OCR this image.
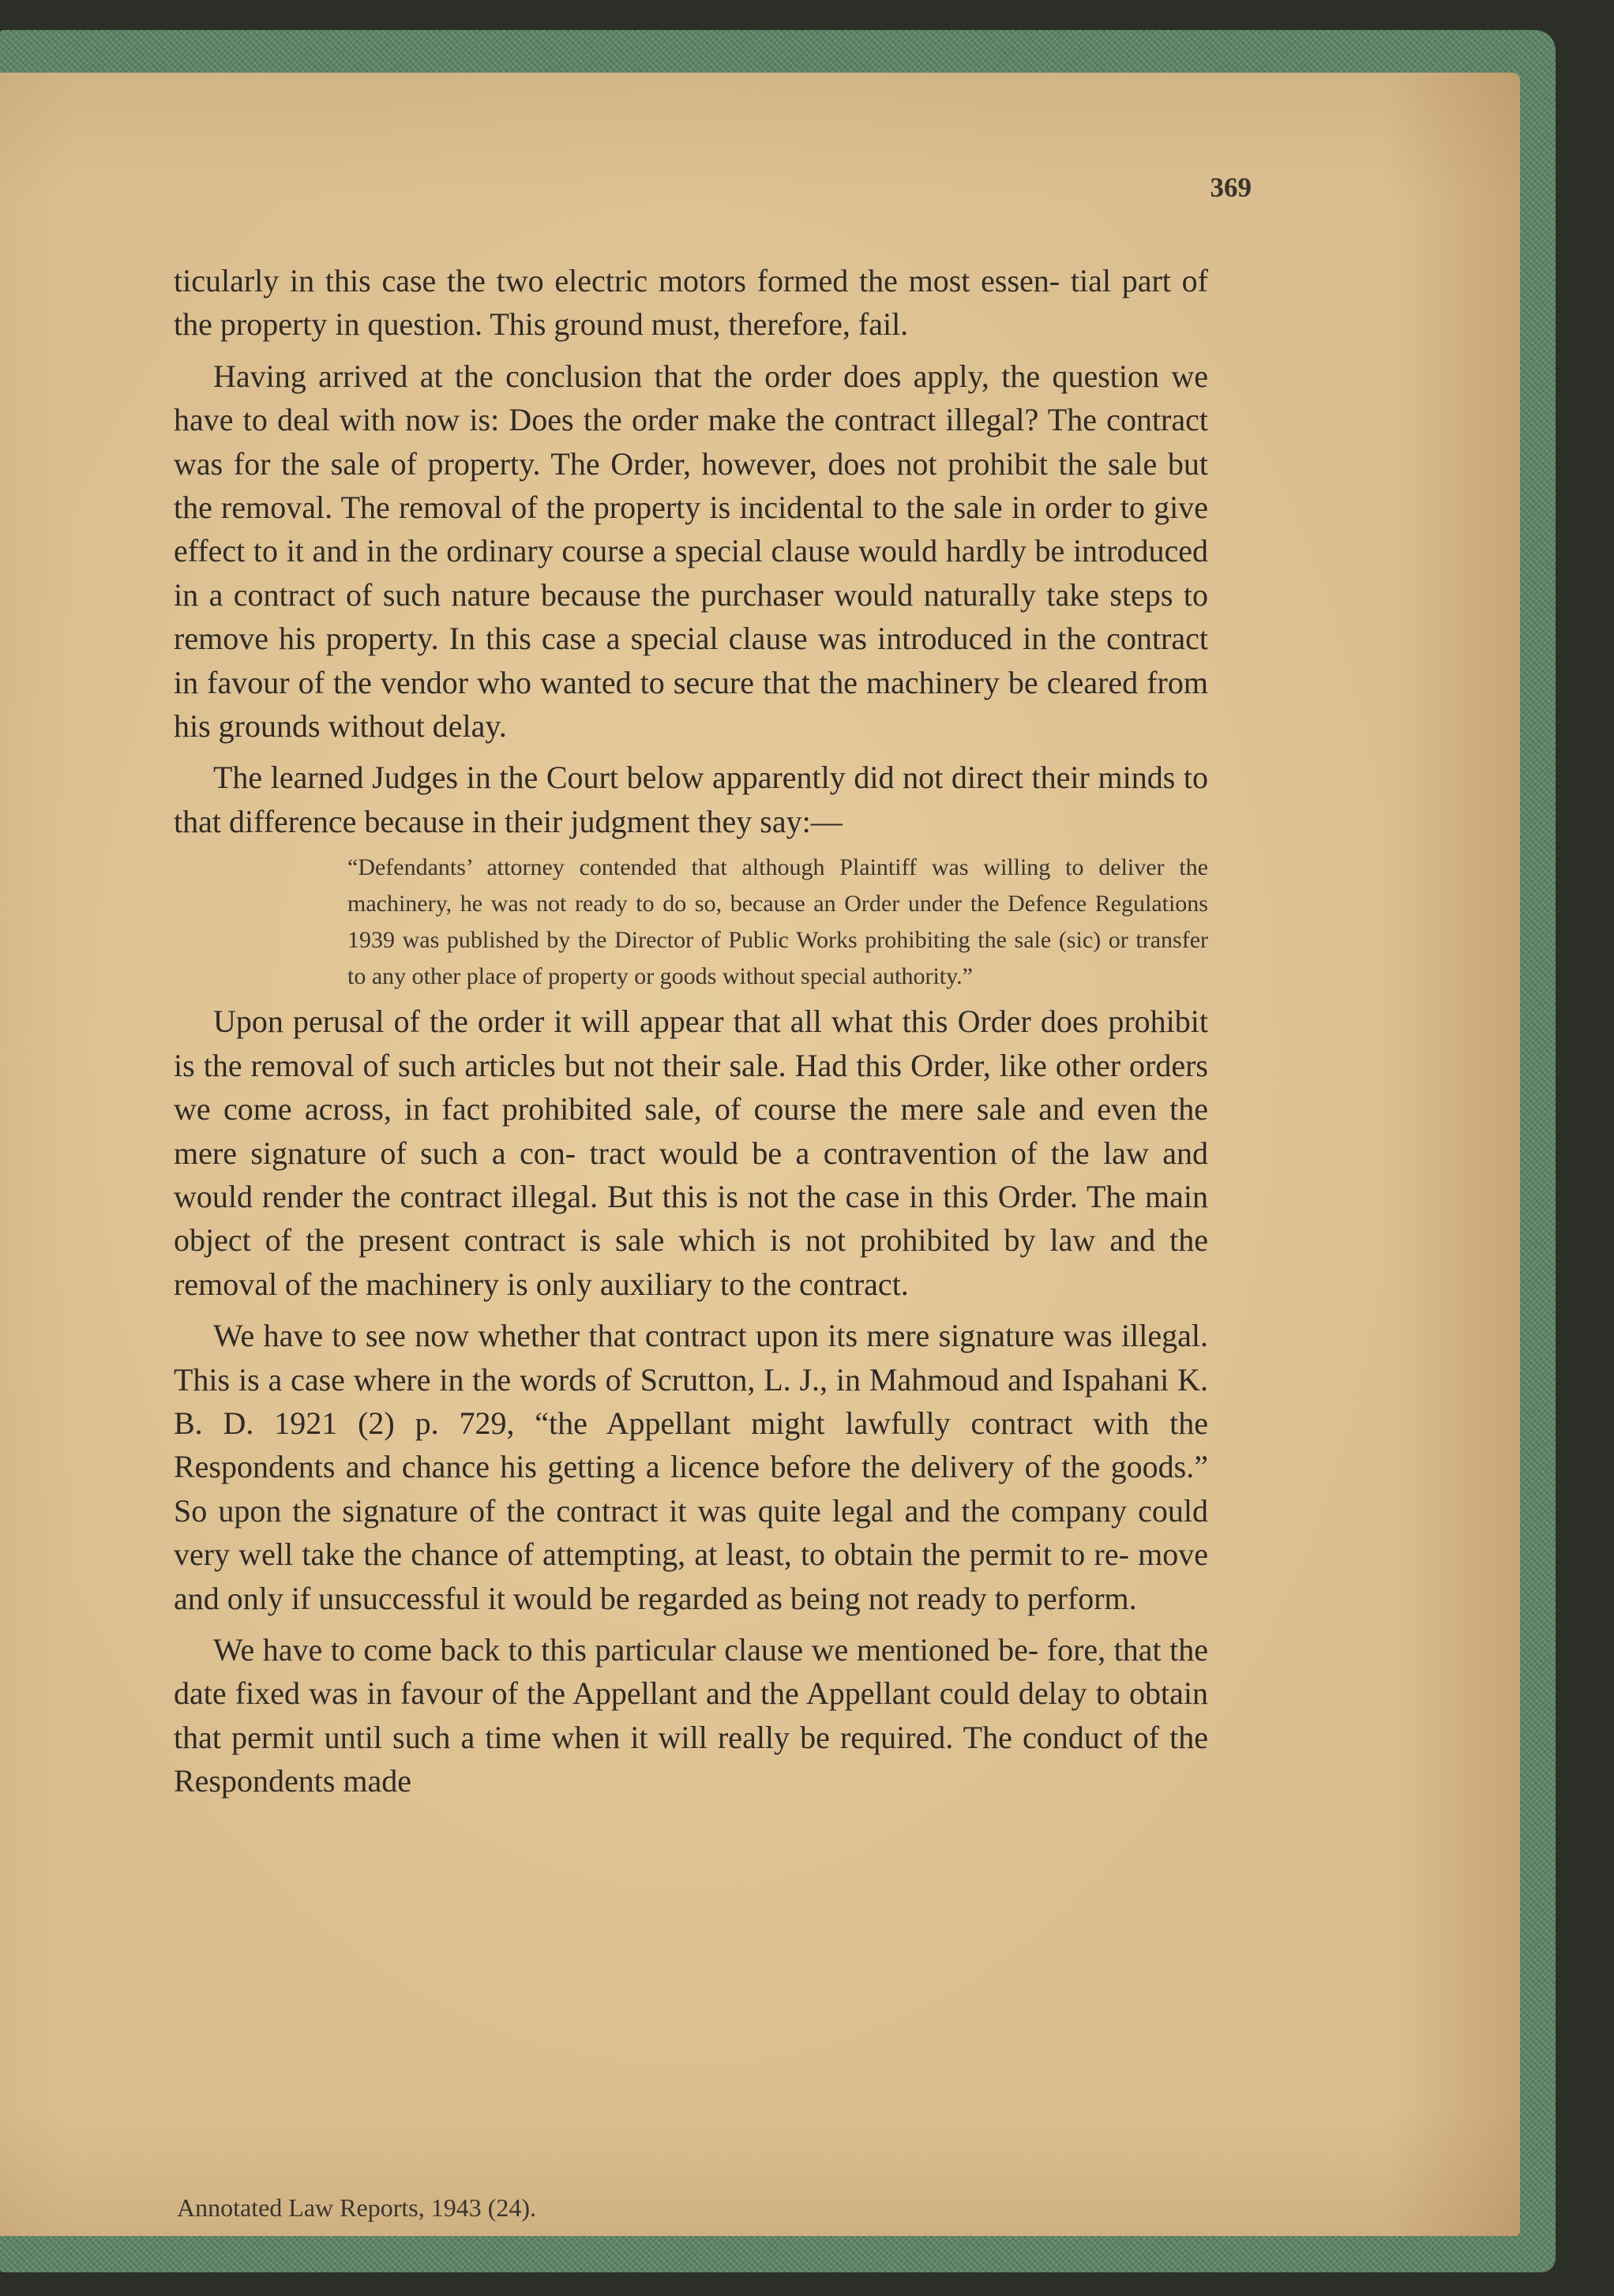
369

ticularly in this case the two electric motors formed the most essen- tial part of the property in question. This ground must, therefore, fail.

Having arrived at the conclusion that the order does apply, the question we have to deal with now is: Does the order make the contract illegal? The contract was for the sale of property. The Order, however, does not prohibit the sale but the removal. The removal of the property is incidental to the sale in order to give effect to it and in the ordinary course a special clause would hardly be introduced in a contract of such nature because the purchaser would naturally take steps to remove his property. In this case a special clause was introduced in the contract in favour of the vendor who wanted to secure that the machinery be cleared from his grounds without delay.

The learned Judges in the Court below apparently did not direct their minds to that difference because in their judgment they say:—

“Defendants’ attorney contended that although Plaintiff was willing to deliver the machinery, he was not ready to do so, because an Order under the Defence Regulations 1939 was published by the Director of Public Works prohibiting the sale (sic) or transfer to any other place of property or goods without special authority.”

Upon perusal of the order it will appear that all what this Order does prohibit is the removal of such articles but not their sale. Had this Order, like other orders we come across, in fact prohibited sale, of course the mere sale and even the mere signature of such a con- tract would be a contravention of the law and would render the contract illegal. But this is not the case in this Order. The main object of the present contract is sale which is not prohibited by law and the removal of the machinery is only auxiliary to the contract.

We have to see now whether that contract upon its mere signature was illegal. This is a case where in the words of Scrutton, L. J., in Mahmoud and Ispahani K. B. D. 1921 (2) p. 729, “the Appellant might lawfully contract with the Respondents and chance his getting a licence before the delivery of the goods.” So upon the signature of the contract it was quite legal and the company could very well take the chance of attempting, at least, to obtain the permit to re- move and only if unsuccessful it would be regarded as being not ready to perform.

We have to come back to this particular clause we mentioned be- fore, that the date fixed was in favour of the Appellant and the Appellant could delay to obtain that permit until such a time when it will really be required. The conduct of the Respondents made

Annotated Law Reports, 1943 (24).
